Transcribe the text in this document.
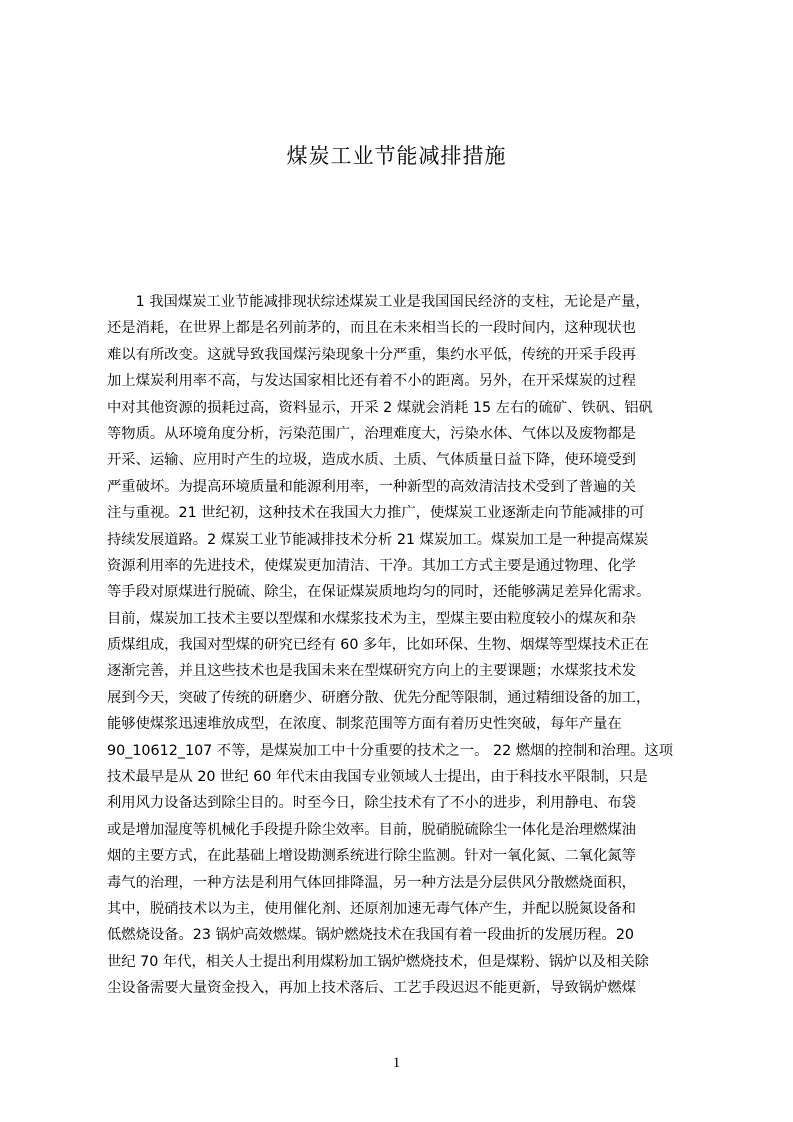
煤炭工业节能减排措施
　　1 我国煤炭工业节能减排现状综述煤炭工业是我国国民经济的支柱，无论是产量，
还是消耗，在世界上都是名列前茅的，而且在未来相当长的一段时间内，这种现状也
难以有所改变。这就导致我国煤污染现象十分严重，集约水平低，传统的开采手段再
加上煤炭利用率不高，与发达国家相比还有着不小的距离。另外，在开采煤炭的过程
中对其他资源的损耗过高，资料显示，开采 2 煤就会消耗 15 左右的硫矿、铁矾、铝矾
等物质。从环境角度分析，污染范围广，治理难度大，污染水体、气体以及废物都是
开采、运输、应用时产生的垃圾，造成水质、土质、气体质量日益下降，使环境受到
严重破坏。为提高环境质量和能源利用率，一种新型的高效清洁技术受到了普遍的关
注与重视。21 世纪初，这种技术在我国大力推广，使煤炭工业逐渐走向节能减排的可
持续发展道路。2 煤炭工业节能减排技术分析 21 煤炭加工。煤炭加工是一种提高煤炭
资源利用率的先进技术，使煤炭更加清洁、干净。其加工方式主要是通过物理、化学
等手段对原煤进行脱硫、除尘，在保证煤炭质地均匀的同时，还能够满足差异化需求。
目前，煤炭加工技术主要以型煤和水煤浆技术为主，型煤主要由粒度较小的煤灰和杂
质煤组成，我国对型煤的研究已经有 60 多年，比如环保、生物、烟煤等型煤技术正在
逐渐完善，并且这些技术也是我国未来在型煤研究方向上的主要课题；水煤浆技术发
展到今天，突破了传统的研磨少、研磨分散、优先分配等限制，通过精细设备的加工，
能够使煤浆迅速堆放成型，在浓度、制浆范围等方面有着历史性突破，每年产量在
90_10612_107 不等，是煤炭加工中十分重要的技术之一。 22 燃烟的控制和治理。这项
技术最早是从 20 世纪 60 年代末由我国专业领域人士提出，由于科技水平限制，只是
利用风力设备达到除尘目的。时至今日，除尘技术有了不小的进步，利用静电、布袋
或是增加湿度等机械化手段提升除尘效率。目前，脱硝脱硫除尘一体化是治理燃煤油
烟的主要方式，在此基础上增设勘测系统进行除尘监测。针对一氧化氮、二氧化氮等
毒气的治理，一种方法是利用气体回排降温，另一种方法是分层供风分散燃烧面积，
其中，脱硝技术以为主，使用催化剂、还原剂加速无毒气体产生，并配以脱氮设备和
低燃烧设备。23 锅炉高效燃煤。锅炉燃烧技术在我国有着一段曲折的发展历程。20
世纪 70 年代，相关人士提出利用煤粉加工锅炉燃烧技术，但是煤粉、锅炉以及相关除
尘设备需要大量资金投入，再加上技术落后、工艺手段迟迟不能更新，导致锅炉燃煤
1
